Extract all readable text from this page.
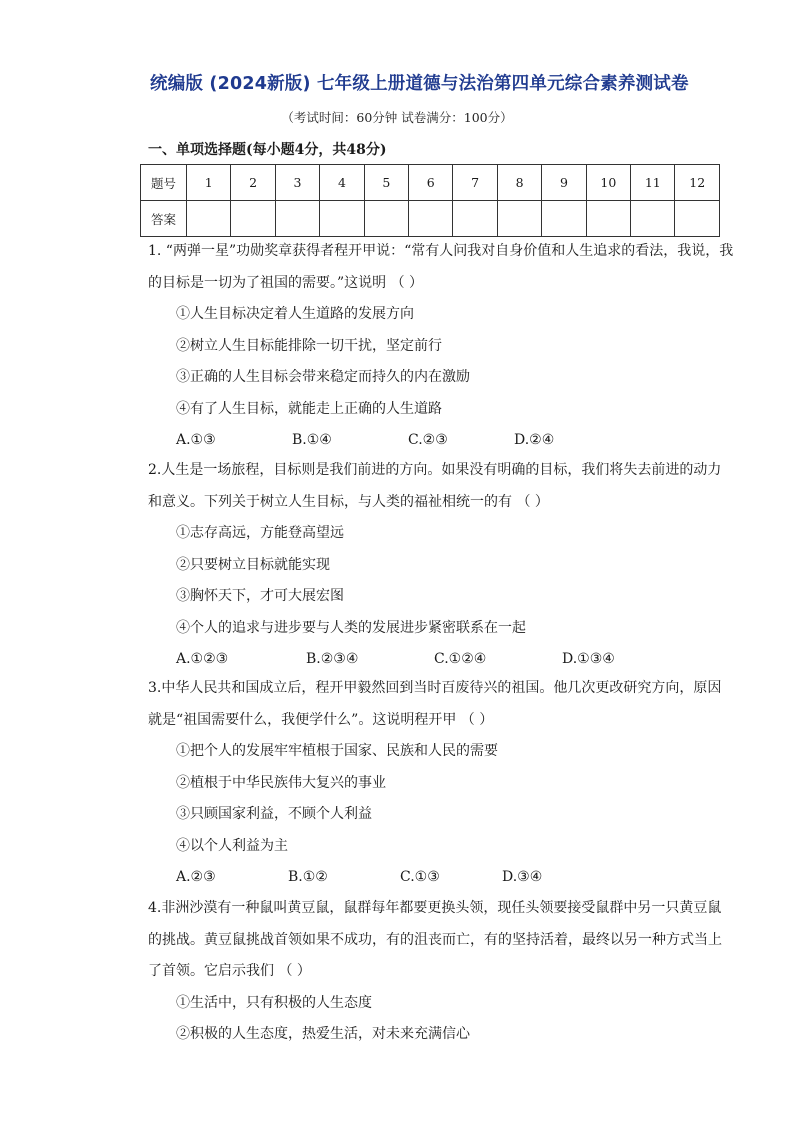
统编版 (2024新版) 七年级上册道德与法治第四单元综合素养测试卷
（考试时间：60分钟 试卷满分：100分）
一、单项选择题(每小题4分，共48分)
题号	1	2	3	4	5	6	7	8	9	10	11	12
答案												

1. “两弹一星”功勋奖章获得者程开甲说：“常有人问我对自身价值和人生追求的看法，我说，我的目标是一切为了祖国的需要。”这说明 （ ）

①人生目标决定着人生道路的发展方向

②树立人生目标能排除一切干扰，坚定前行

③正确的人生目标会带来稳定而持久的内在激励

④有了人生目标，就能走上正确的人生道路

A.①③	B.①④	C.②③	D.②④

2.人生是一场旅程，目标则是我们前进的方向。如果没有明确的目标，我们将失去前进的动力和意义。下列关于树立人生目标，与人类的福祉相统一的有 （ ）

①志存高远，方能登高望远

②只要树立目标就能实现

③胸怀天下，才可大展宏图

④个人的追求与进步要与人类的发展进步紧密联系在一起

A.①②③	B.②③④	C.①②④	D.①③④

3.中华人民共和国成立后，程开甲毅然回到当时百废待兴的祖国。他几次更改研究方向，原因就是“祖国需要什么，我便学什么”。这说明程开甲 （ ）

①把个人的发展牢牢植根于国家、民族和人民的需要

②植根于中华民族伟大复兴的事业

③只顾国家利益，不顾个人利益

④以个人利益为主

A.②③	B.①②	C.①③	D.③④

4.非洲沙漠有一种鼠叫黄豆鼠，鼠群每年都要更换头领，现任头领要接受鼠群中另一只黄豆鼠的挑战。黄豆鼠挑战首领如果不成功，有的沮丧而亡，有的坚持活着，最终以另一种方式当上了首领。它启示我们 （ ）

①生活中，只有积极的人生态度

②积极的人生态度，热爱生活，对未来充满信心
